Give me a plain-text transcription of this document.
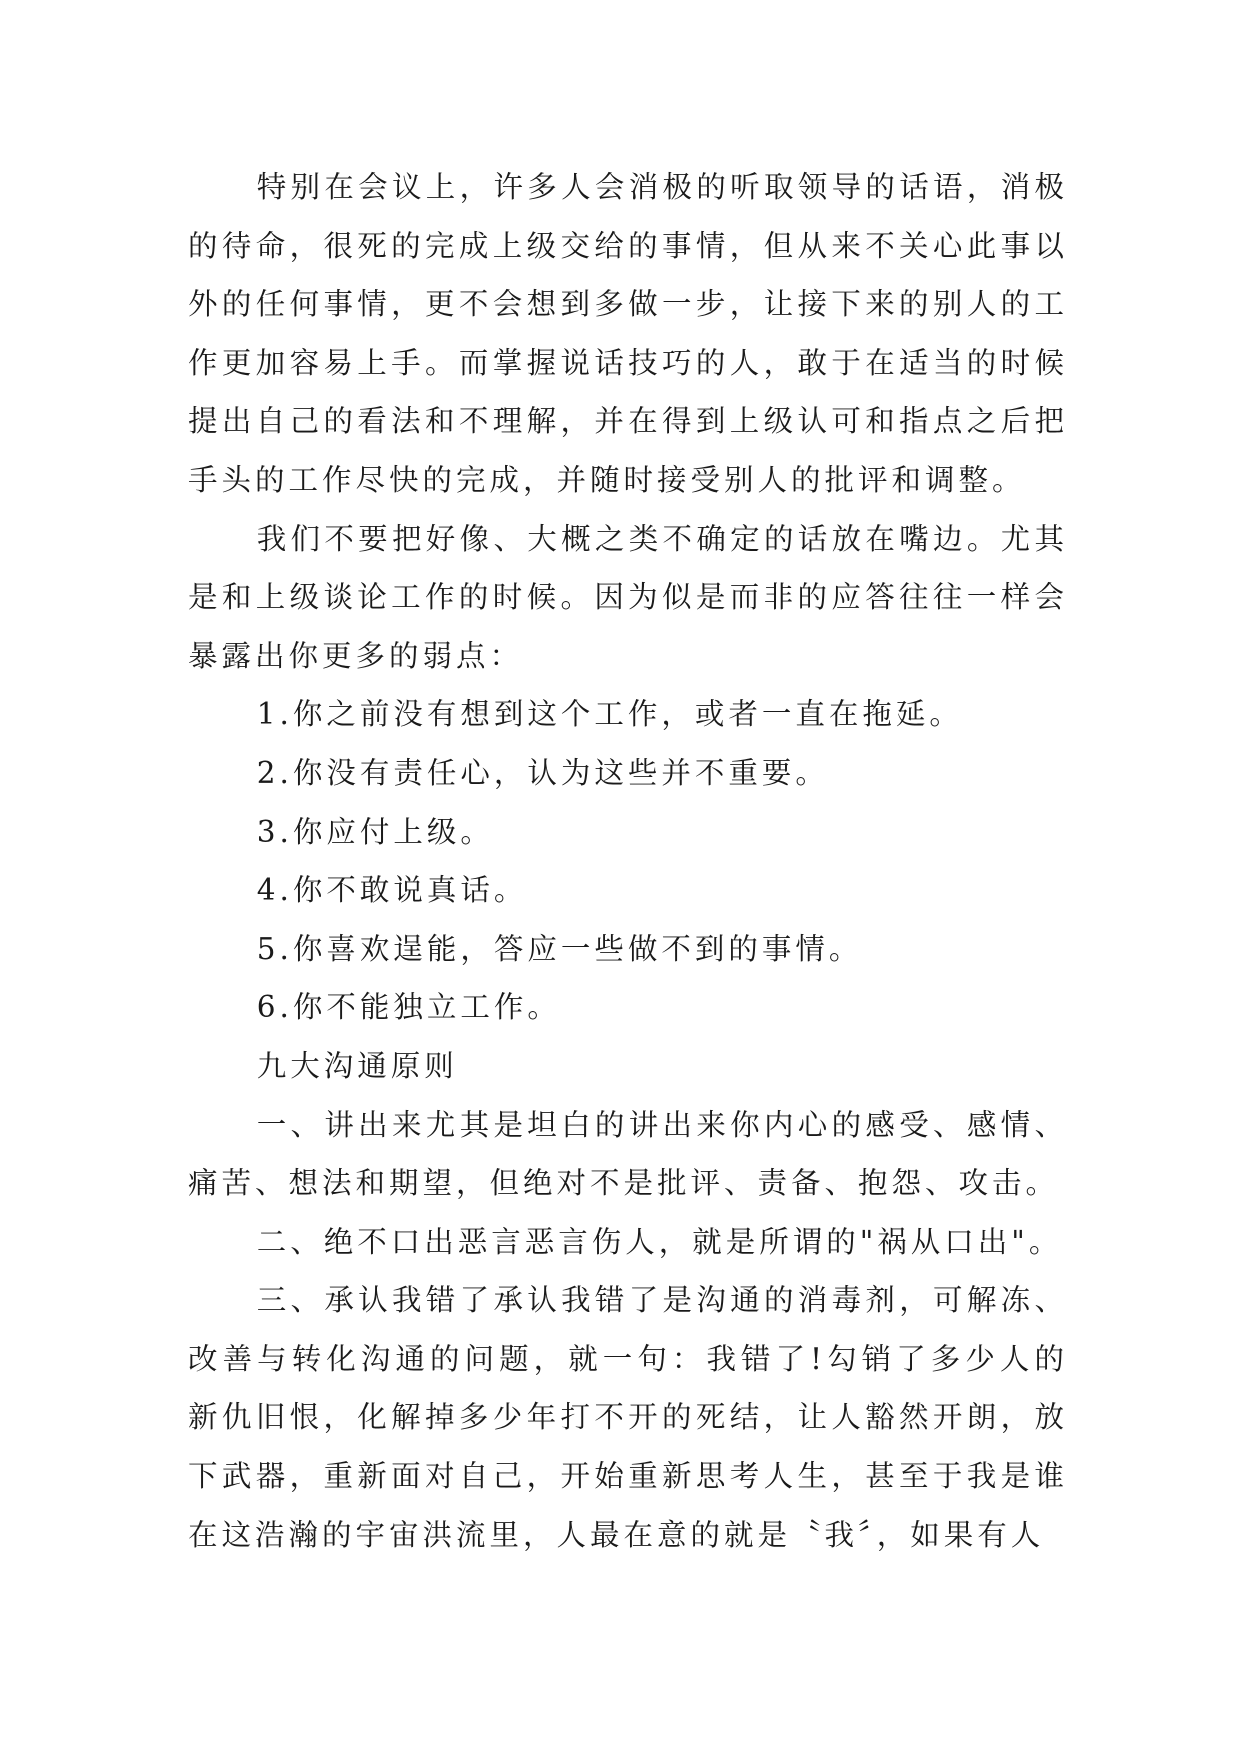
特别在会议上，许多人会消极的听取领导的话语，消极的待命，很死的完成上级交给的事情，但从来不关心此事以外的任何事情，更不会想到多做一步，让接下来的别人的工作更加容易上手。而掌握说话技巧的人，敢于在适当的时候提出自己的看法和不理解，并在得到上级认可和指点之后把手头的工作尽快的完成，并随时接受别人的批评和调整。

我们不要把好像、大概之类不确定的话放在嘴边。尤其是和上级谈论工作的时候。因为似是而非的应答往往一样会暴露出你更多的弱点：

1.你之前没有想到这个工作，或者一直在拖延。

2.你没有责任心，认为这些并不重要。

3.你应付上级。

4.你不敢说真话。

5.你喜欢逞能，答应一些做不到的事情。

6.你不能独立工作。

九大沟通原则

一、讲出来尤其是坦白的讲出来你内心的感受、感情、痛苦、想法和期望，但绝对不是批评、责备、抱怨、攻击。

二、绝不口出恶言恶言伤人，就是所谓的"祸从口出"。

三、承认我错了承认我错了是沟通的消毒剂，可解冻、改善与转化沟通的问题，就一句：我错了!勾销了多少人的新仇旧恨，化解掉多少年打不开的死结，让人豁然开朗，放下武器，重新面对自己，开始重新思考人生，甚至于我是谁在这浩瀚的宇宙洪流里，人最在意的就是〝我〞，如果有人
